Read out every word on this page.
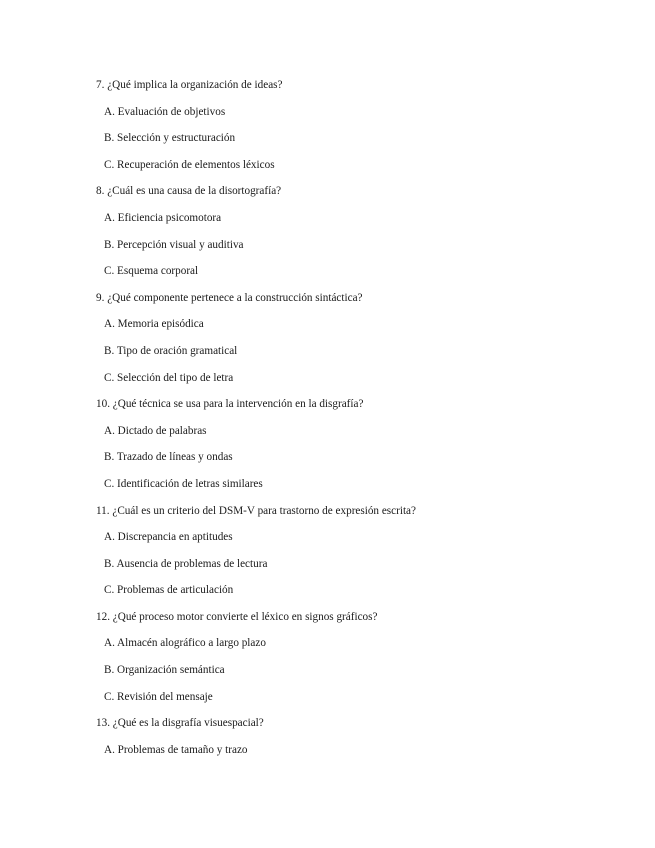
7. ¿Qué implica la organización de ideas?
A. Evaluación de objetivos
B. Selección y estructuración
C. Recuperación de elementos léxicos
8. ¿Cuál es una causa de la disortografía?
A. Eficiencia psicomotora
B. Percepción visual y auditiva
C. Esquema corporal
9. ¿Qué componente pertenece a la construcción sintáctica?
A. Memoria episódica
B. Tipo de oración gramatical
C. Selección del tipo de letra
10. ¿Qué técnica se usa para la intervención en la disgrafía?
A. Dictado de palabras
B. Trazado de líneas y ondas
C. Identificación de letras similares
11. ¿Cuál es un criterio del DSM-V para trastorno de expresión escrita?
A. Discrepancia en aptitudes
B. Ausencia de problemas de lectura
C. Problemas de articulación
12. ¿Qué proceso motor convierte el léxico en signos gráficos?
A. Almacén alográfico a largo plazo
B. Organización semántica
C. Revisión del mensaje
13. ¿Qué es la disgrafía visuespacial?
A. Problemas de tamaño y trazo
